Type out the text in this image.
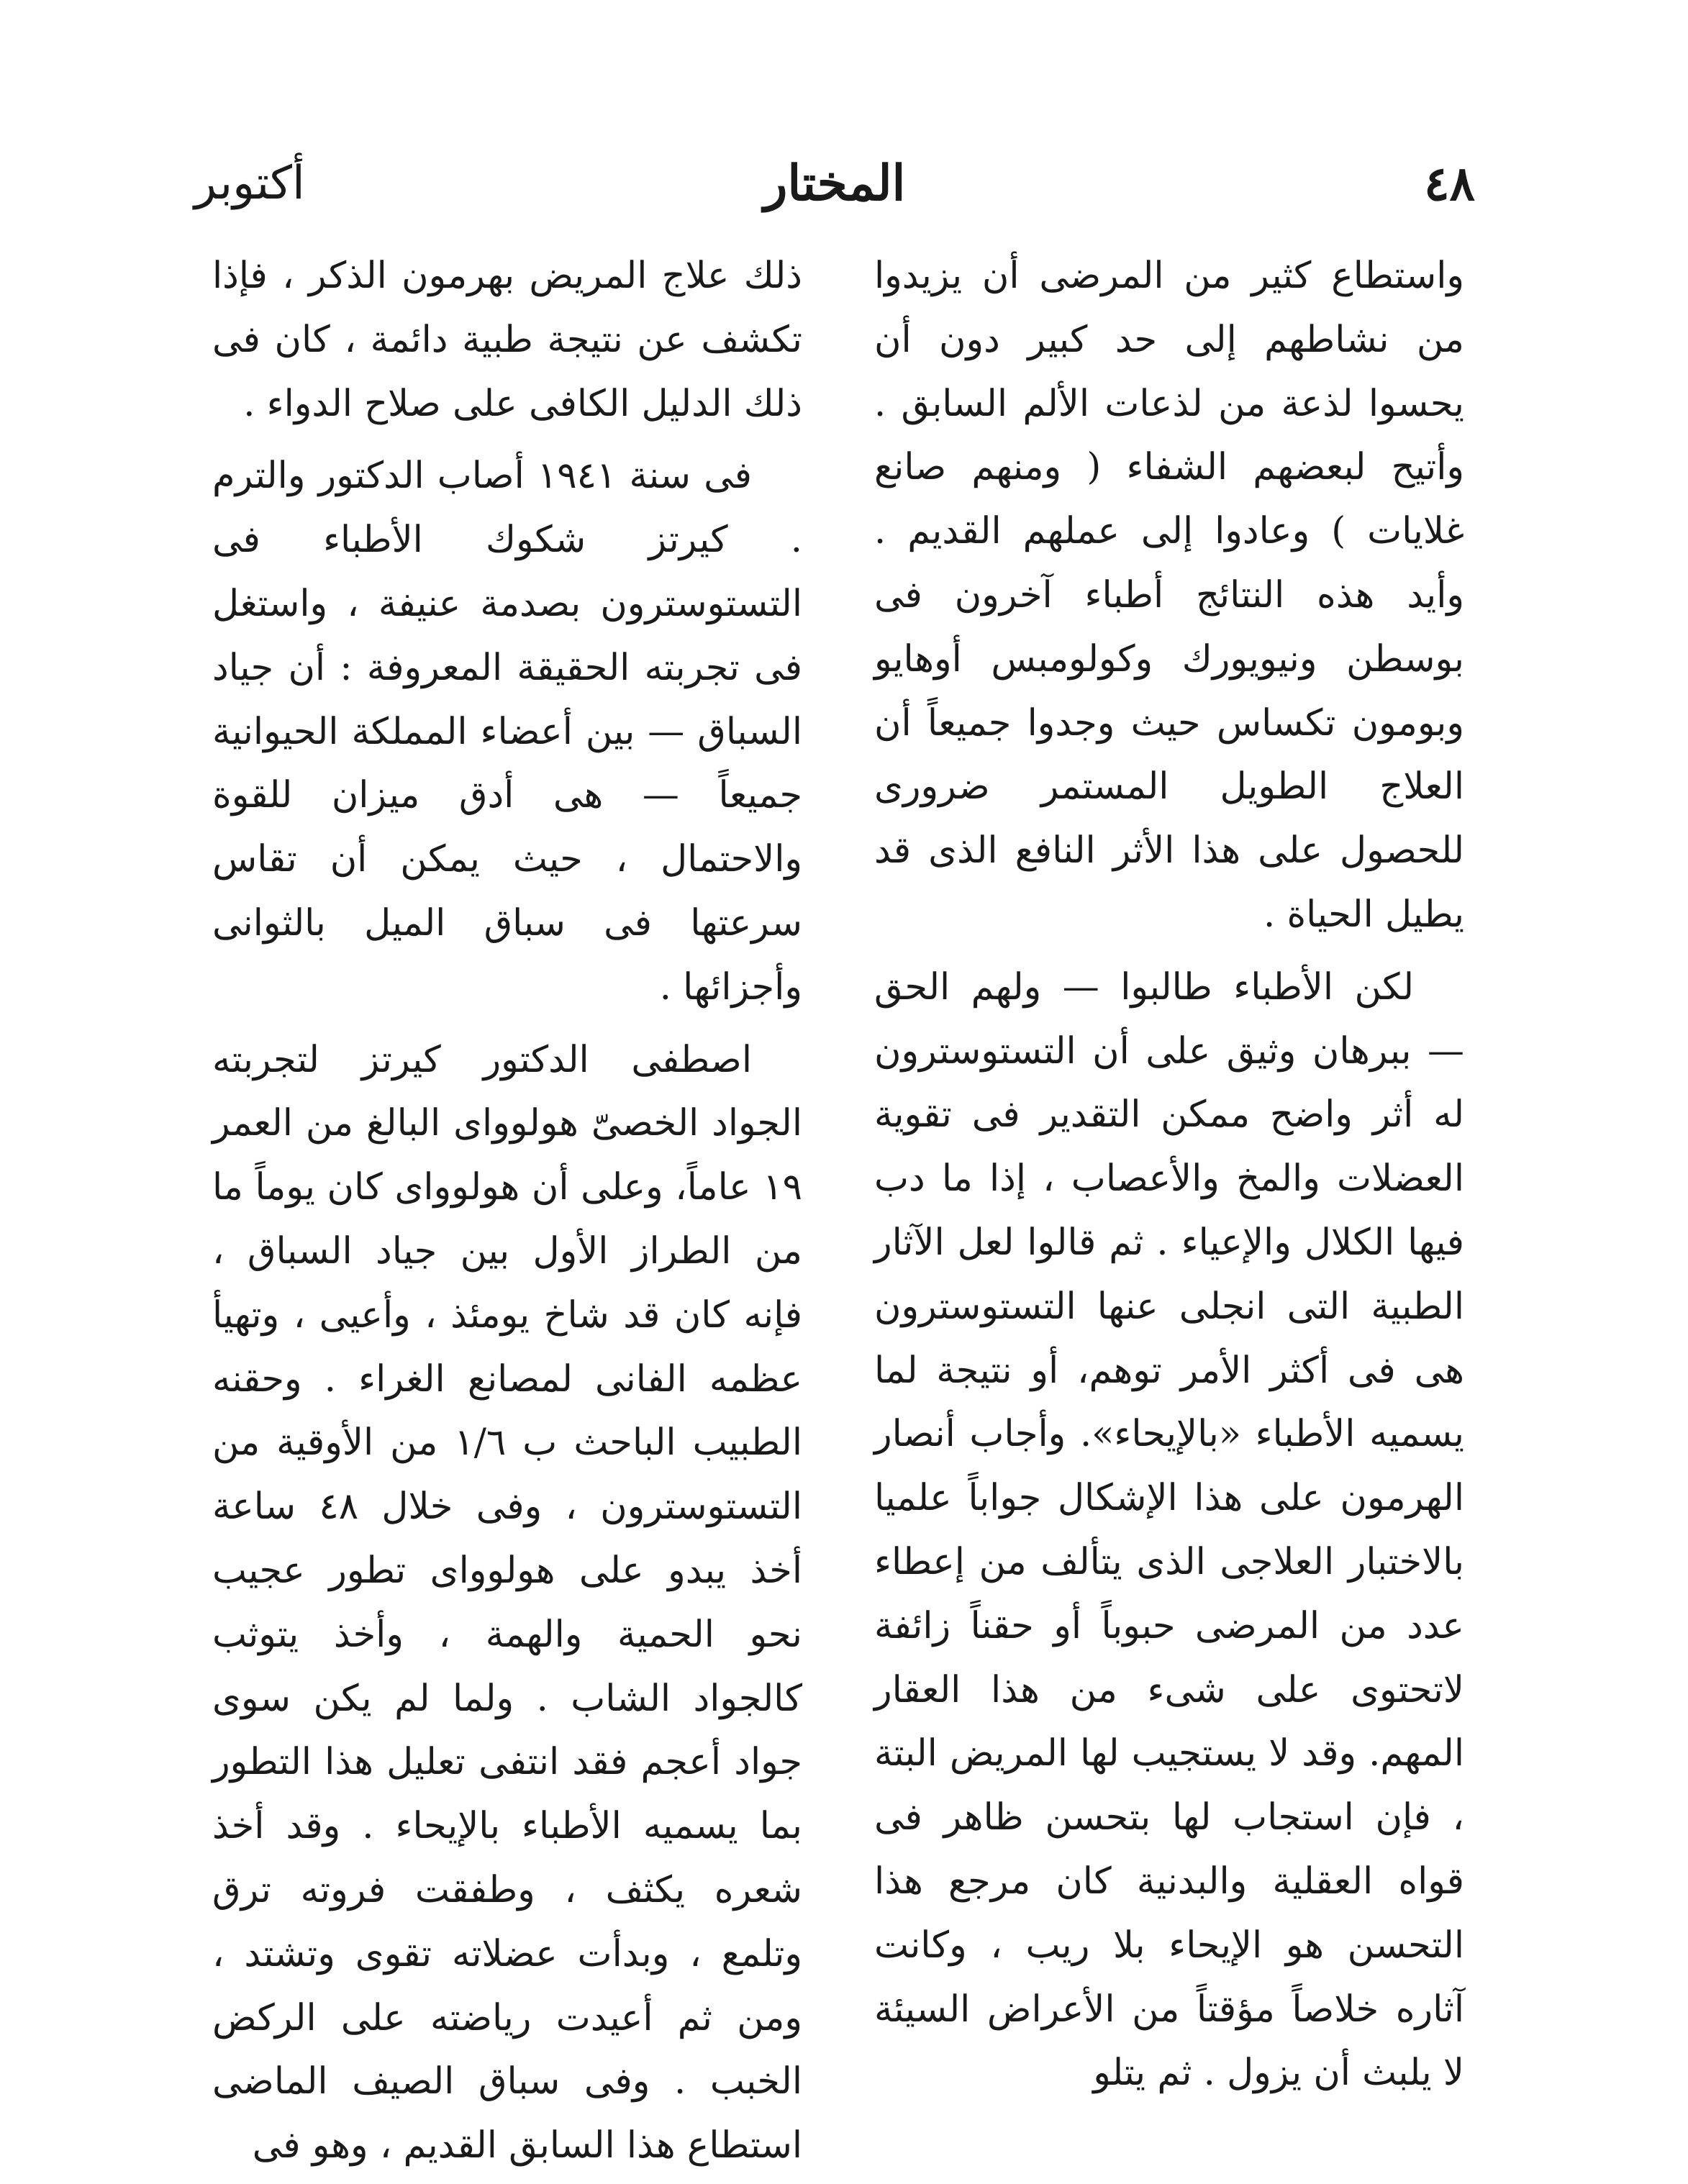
٤٨
المختار
أكتوبر

واستطاع كثير من المرضى أن يزيدوا من نشاطهم إلى حد كبير دون أن يحسوا لذعة من لذعات الألم السابق . وأتيح لبعضهم الشفاء ( ومنهم صانع غلايات ) وعادوا إلى عملهم القديم . وأيد هذه النتائج أطباء آخرون فى بوسطن ونيويورك وكولومبس أوهايو وبومون تكساس حيث وجدوا جميعاً أن العلاج الطويل المستمر ضرورى للحصول على هذا الأثر النافع الذى قد يطيل الحياة .

لكن الأطباء طالبوا — ولهم الحق — ببرهان وثيق على أن التستوسترون له أثر واضح ممكن التقدير فى تقوية العضلات والمخ والأعصاب ، إذا ما دب فيها الكلال والإعياء . ثم قالوا لعل الآثار الطبية التى انجلى عنها التستوسترون هى فى أكثر الأمر توهم، أو نتيجة لما يسميه الأطباء «بالإيحاء». وأجاب أنصار الهرمون على هذا الإشكال جواباً علميا بالاختبار العلاجى الذى يتألف من إعطاء عدد من المرضى حبوباً أو حقناً زائفة لاتحتوى على شىء من هذا العقار المهم. وقد لا يستجيب لها المريض البتة ، فإن استجاب لها بتحسن ظاهر فى قواه العقلية والبدنية كان مرجع هذا التحسن هو الإيحاء بلا ريب ، وكانت آثاره خلاصاً مؤقتاً من الأعراض السيئة لا يلبث أن يزول . ثم يتلو

ذلك علاج المريض بهرمون الذكر ، فإذا تكشف عن نتيجة طبية دائمة ، كان فى ذلك الدليل الكافى على صلاح الدواء .

فى سنة ١٩٤١ أصاب الدكتور والترم . كيرتز شكوك الأطباء فى التستوسترون بصدمة عنيفة ، واستغل فى تجربته الحقيقة المعروفة : أن جياد السباق — بين أعضاء المملكة الحيوانية جميعاً — هى أدق ميزان للقوة والاحتمال ، حيث يمكن أن تقاس سرعتها فى سباق الميل بالثوانى وأجزائها .

اصطفى الدكتور كيرتز لتجربته الجواد الخصىّ هولوواى البالغ من العمر ١٩ عاماً، وعلى أن هولوواى كان يوماً ما من الطراز الأول بين جياد السباق ، فإنه كان قد شاخ يومئذ ، وأعيى ، وتهيأ عظمه الفانى لمصانع الغراء . وحقنه الطبيب الباحث ب ١/٦ من الأوقية من التستوسترون ، وفى خلال ٤٨ ساعة أخذ يبدو على هولوواى تطور عجيب نحو الحمية والهمة ، وأخذ يتوثب كالجواد الشاب . ولما لم يكن سوى جواد أعجم فقد انتفى تعليل هذا التطور بما يسميه الأطباء بالإيحاء . وقد أخذ شعره يكثف ، وطفقت فروته ترق وتلمع ، وبدأت عضلاته تقوى وتشتد ، ومن ثم أعيدت رياضته على الركض الخبب . وفى سباق الصيف الماضى استطاع هذا السابق القديم ، وهو فى
